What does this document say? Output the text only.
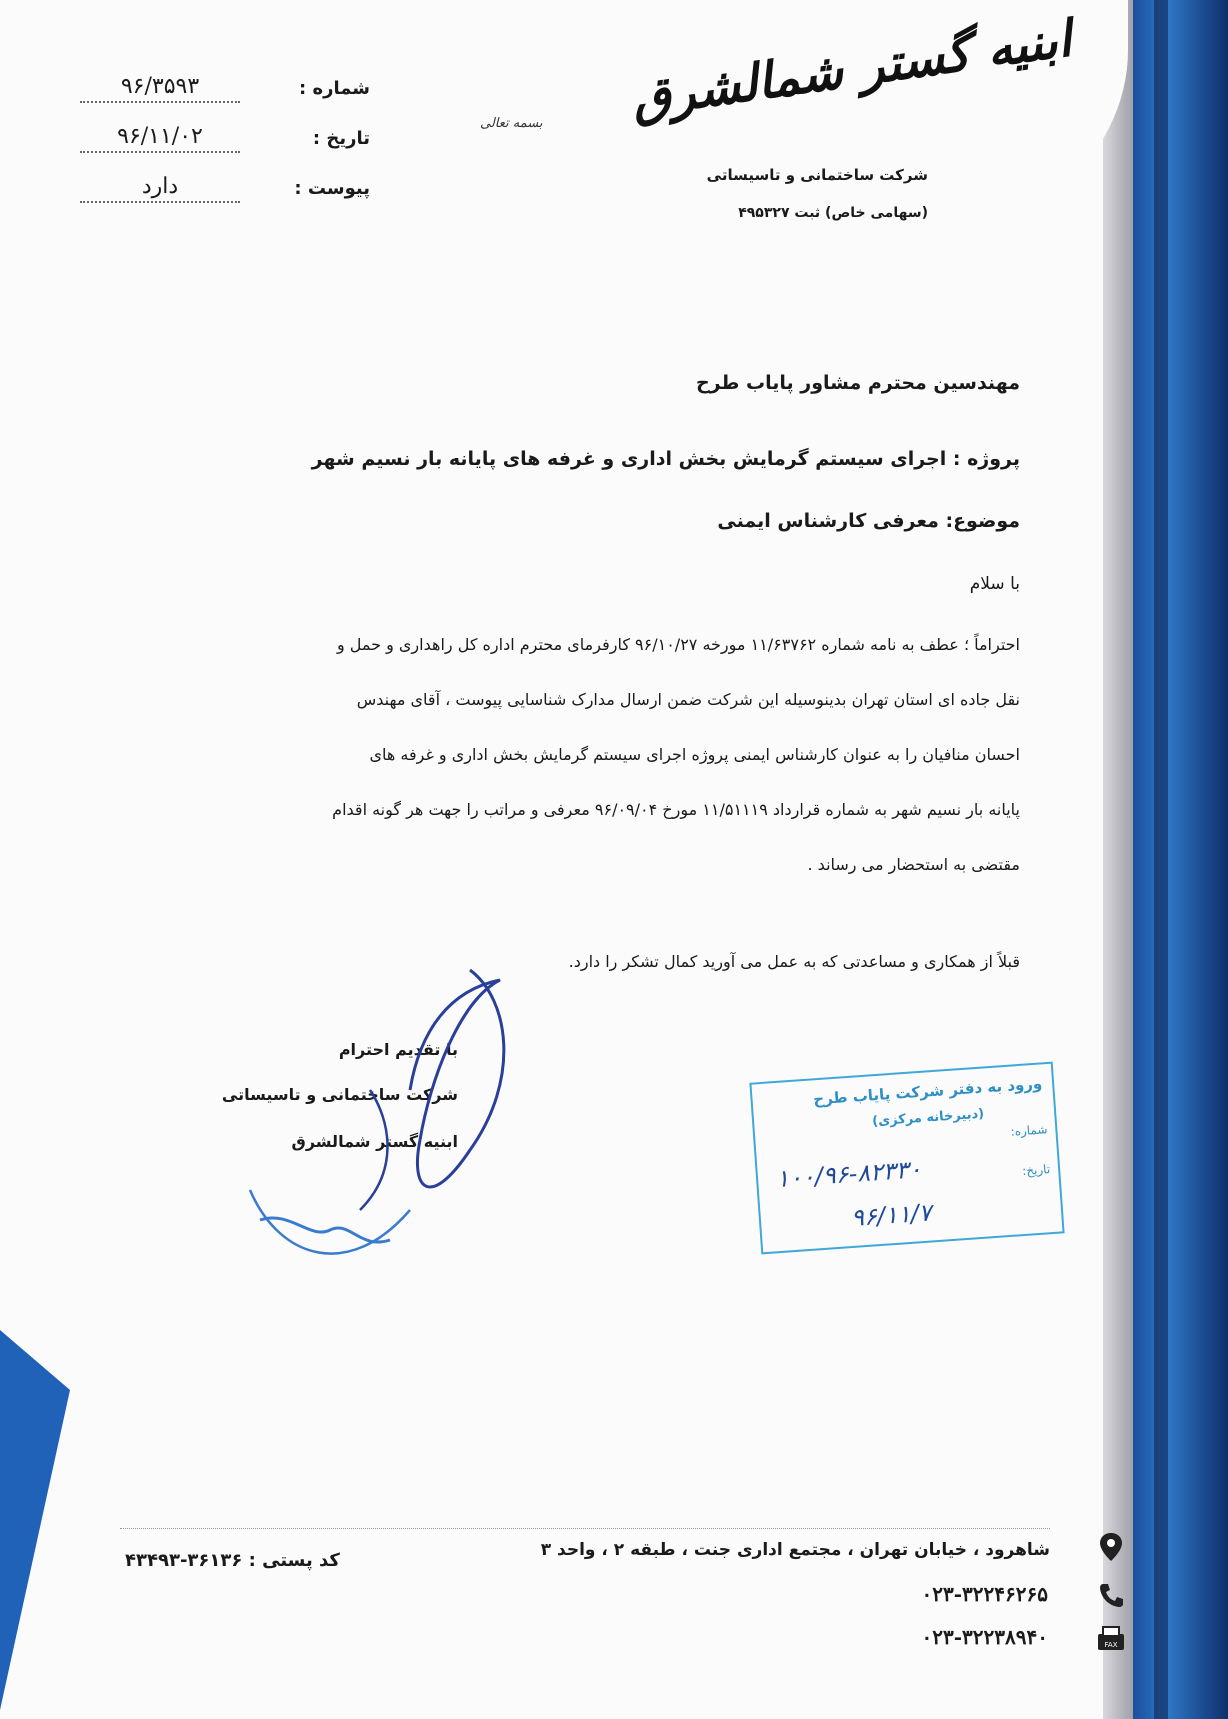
شماره :
۹۶/۳۵۹۳
تاریخ :
۹۶/۱۱/۰۲
پیوست :
دارد
بسمه تعالی ابنیه گستر شمالشرق
شرکت ساختمانی و تاسیساتی
(سهامی خاص) ثبت ۴۹۵۳۲۷
مهندسین محترم مشاور پایاب طرح
پروژه : اجرای سیستم گرمایش بخش اداری و غرفه های پایانه بار نسیم شهر
موضوع: معرفی کارشناس ایمنی
با سلام

احتراماً ؛ عطف به نامه شماره ۱۱/۶۳۷۶۲ مورخه ۹۶/۱۰/۲۷ کارفرمای محترم اداره کل راهداری و حمل و

نقل جاده ای استان تهران بدینوسیله این شرکت ضمن ارسال مدارک شناسایی پیوست ، آقای مهندس

احسان منافیان را به عنوان کارشناس ایمنی پروژه اجرای سیستم گرمایش بخش اداری و غرفه های

پایانه بار نسیم شهر به شماره قرارداد ۱۱/۵۱۱۱۹ مورخ ۹۶/۰۹/۰۴ معرفی و مراتب را جهت هر گونه اقدام

مقتضی به استحضار می رساند .

قبلاً از همکاری و مساعدتی که به عمل می آورید کمال تشکر را دارد.
با تقدیم احترام
شرکت ساختمانی و تاسیساتی
ابنیه گستر شمالشرق
ورود به دفتر شرکت پایاب طرح
(دبیرخانه مرکزی)
شماره:
تاریخ:
۱۰۰/۹۶-۸۲۳۳۰
۹۶/۱۱/۷
شاهرود ، خیابان تهران ، مجتمع اداری جنت ، طبقه ۲ ، واحد ۳
کد پستی : ۳۶۱۳۶-۴۳۴۹۳
۰۲۳-۳۲۲۴۶۲۶۵
۰۲۳-۳۲۲۳۸۹۴۰	FAX
